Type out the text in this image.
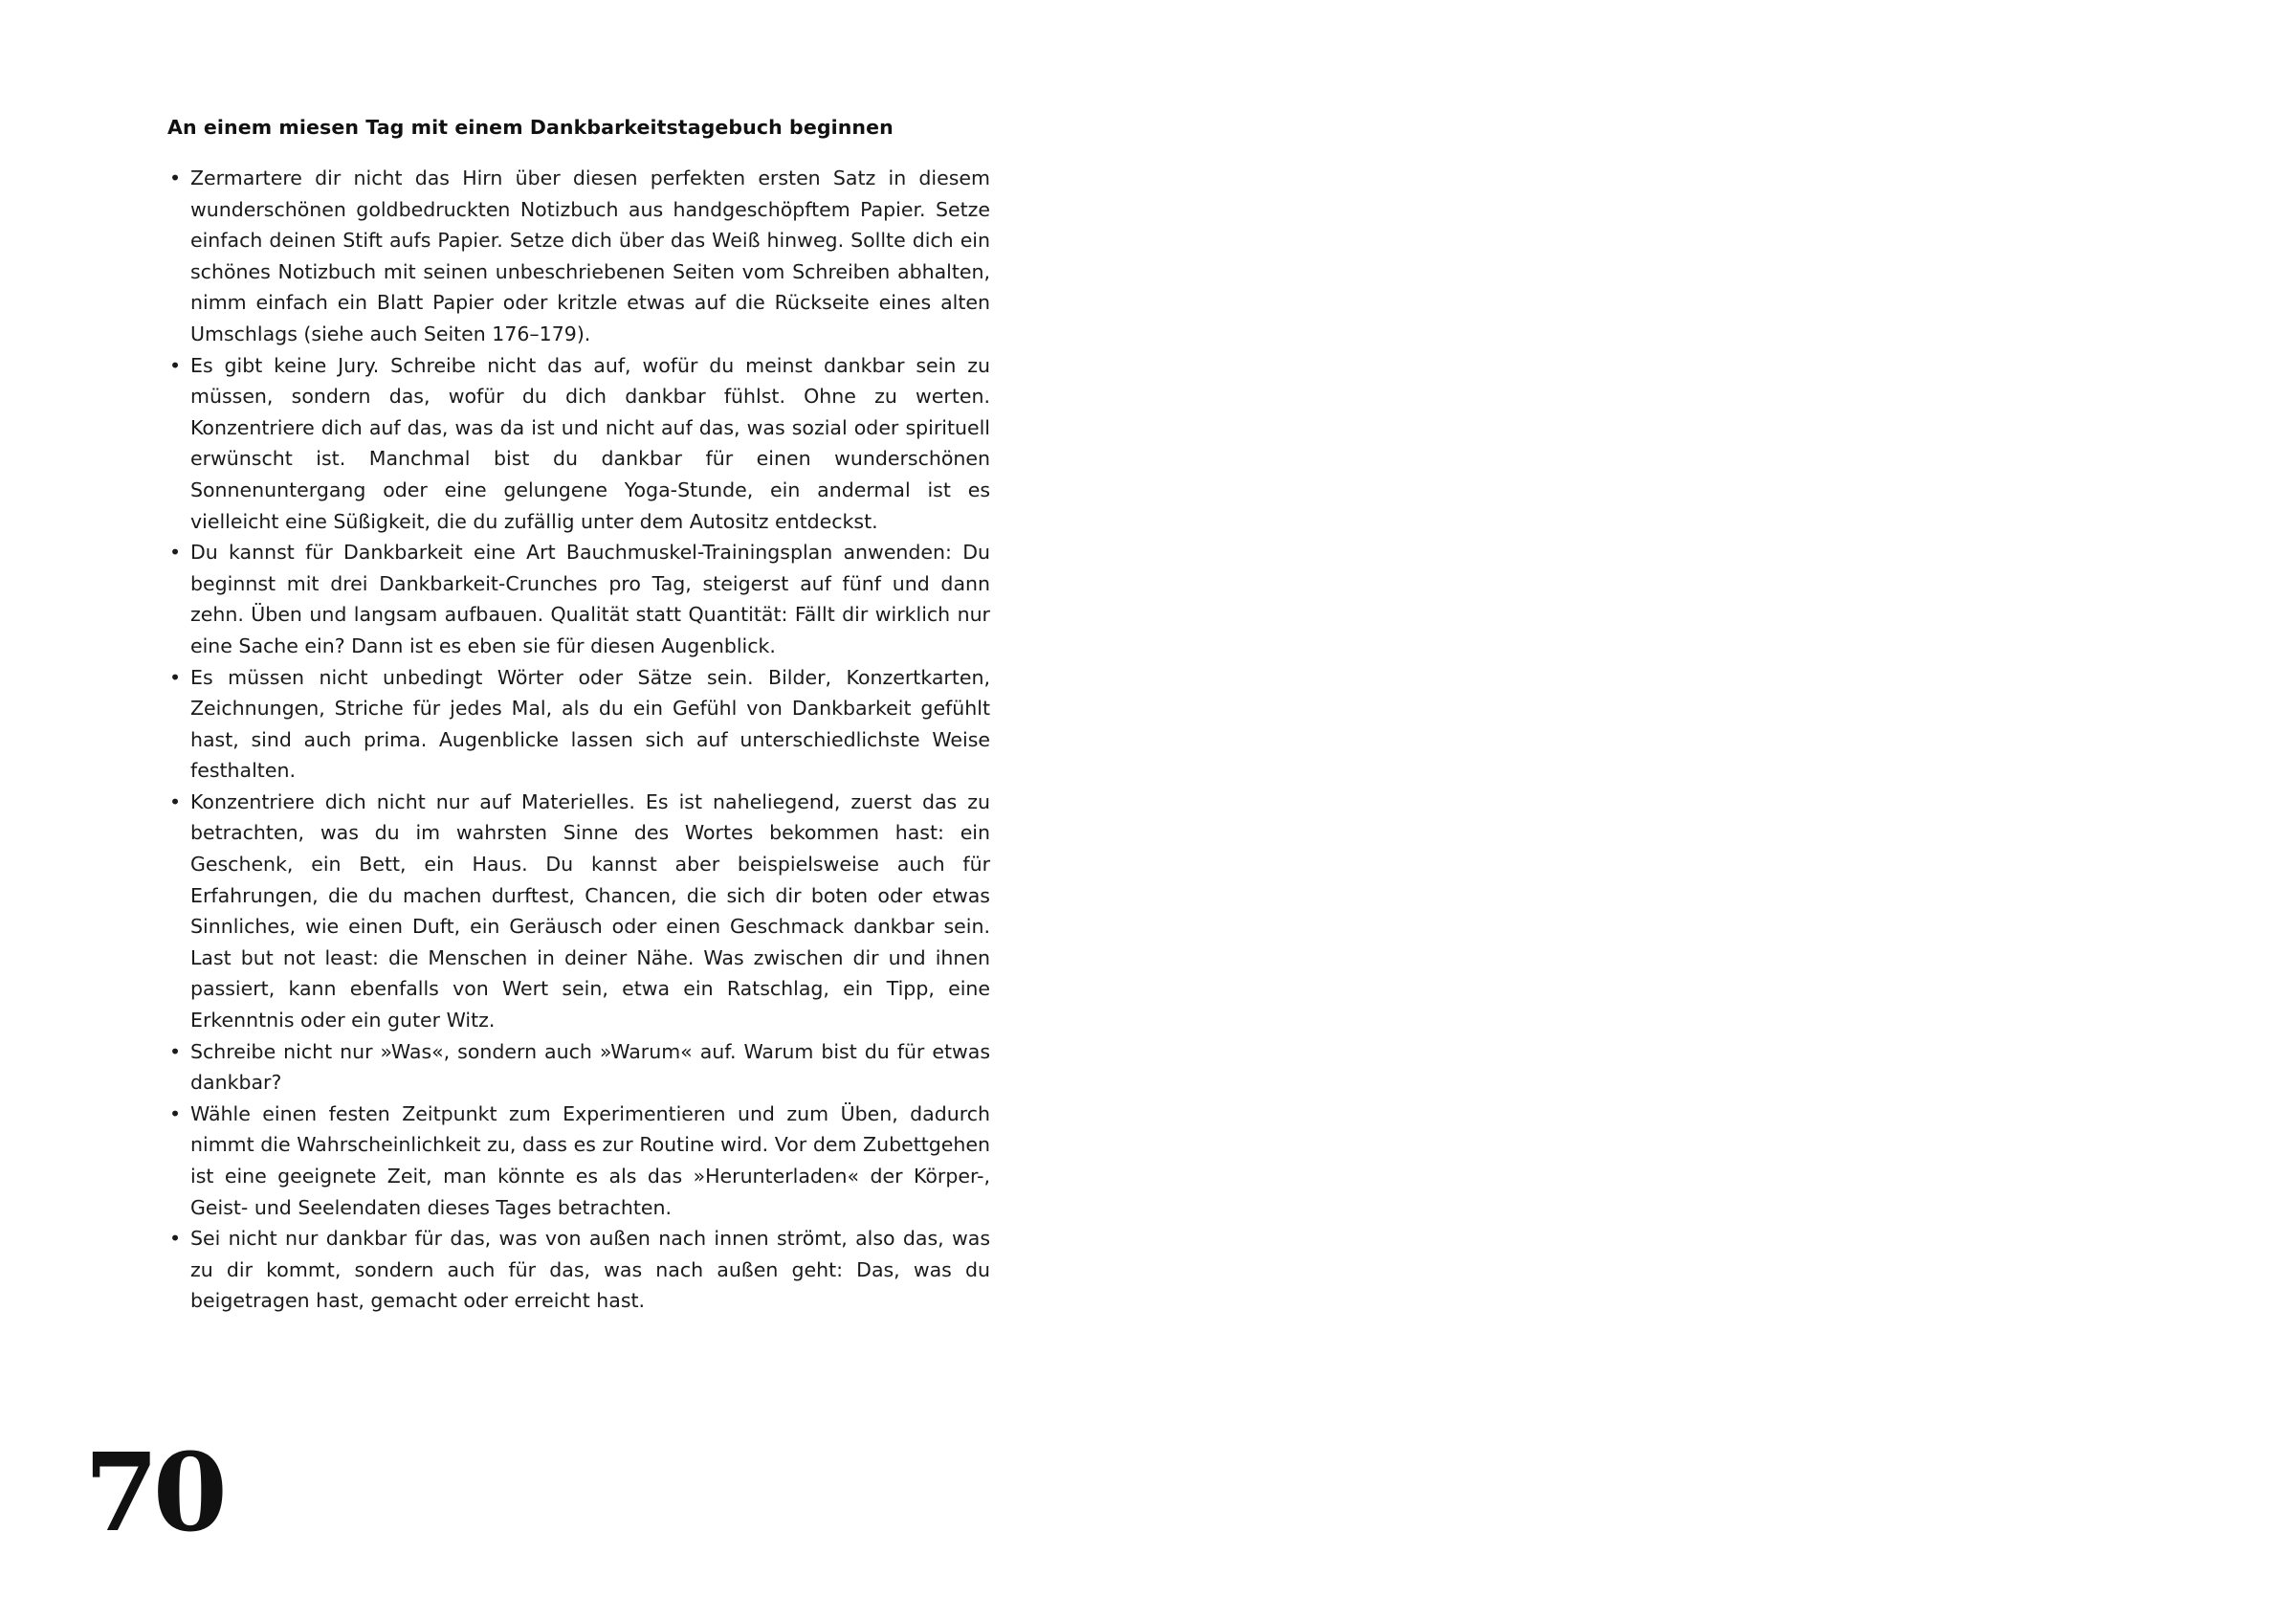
An einem miesen Tag mit einem Dankbarkeitstagebuch beginnen
• Zermartere dir nicht das Hirn über diesen perfekten ersten Satz in diesem wunderschönen goldbedruckten Notizbuch aus handgeschöpftem Papier. Setze einfach deinen Stift aufs Papier. Setze dich über das Weiß hinweg. Sollte dich ein schönes Notizbuch mit seinen unbeschriebenen Seiten vom Schreiben abhalten, nimm einfach ein Blatt Papier oder kritzle etwas auf die Rückseite eines alten Umschlags (siehe auch Seiten 176–179).
• Es gibt keine Jury. Schreibe nicht das auf, wofür du meinst dankbar sein zu müssen, sondern das, wofür du dich dankbar fühlst. Ohne zu werten. Konzentriere dich auf das, was da ist und nicht auf das, was sozial oder spirituell erwünscht ist. Manchmal bist du dankbar für einen wunderschönen Sonnenuntergang oder eine gelungene Yoga-Stunde, ein andermal ist es vielleicht eine Süßigkeit, die du zufällig unter dem Autositz entdeckst.
• Du kannst für Dankbarkeit eine Art Bauchmuskel-Trainingsplan anwenden: Du beginnst mit drei Dankbarkeit-Crunches pro Tag, steigerst auf fünf und dann zehn. Üben und langsam aufbauen. Qualität statt Quantität: Fällt dir wirklich nur eine Sache ein? Dann ist es eben sie für diesen Augenblick.
• Es müssen nicht unbedingt Wörter oder Sätze sein. Bilder, Konzertkarten, Zeichnungen, Striche für jedes Mal, als du ein Gefühl von Dankbarkeit gefühlt hast, sind auch prima. Augenblicke lassen sich auf unterschiedlichste Weise festhalten.
• Konzentriere dich nicht nur auf Materielles. Es ist naheliegend, zuerst das zu betrachten, was du im wahrsten Sinne des Wortes bekommen hast: ein Geschenk, ein Bett, ein Haus. Du kannst aber beispielsweise auch für Erfahrungen, die du machen durftest, Chancen, die sich dir boten oder etwas Sinnliches, wie einen Duft, ein Geräusch oder einen Geschmack dankbar sein. Last but not least: die Menschen in deiner Nähe. Was zwischen dir und ihnen passiert, kann ebenfalls von Wert sein, etwa ein Ratschlag, ein Tipp, eine Erkenntnis oder ein guter Witz.
• Schreibe nicht nur »Was«, sondern auch »Warum« auf. Warum bist du für etwas dankbar?
• Wähle einen festen Zeitpunkt zum Experimentieren und zum Üben, dadurch nimmt die Wahrscheinlichkeit zu, dass es zur Routine wird. Vor dem Zubettgehen ist eine geeignete Zeit, man könnte es als das »Herunterladen« der Körper-, Geist- und Seelendaten dieses Tages betrachten.
• Sei nicht nur dankbar für das, was von außen nach innen strömt, also das, was zu dir kommt, sondern auch für das, was nach außen geht: Das, was du beigetragen hast, gemacht oder erreicht hast.
70
